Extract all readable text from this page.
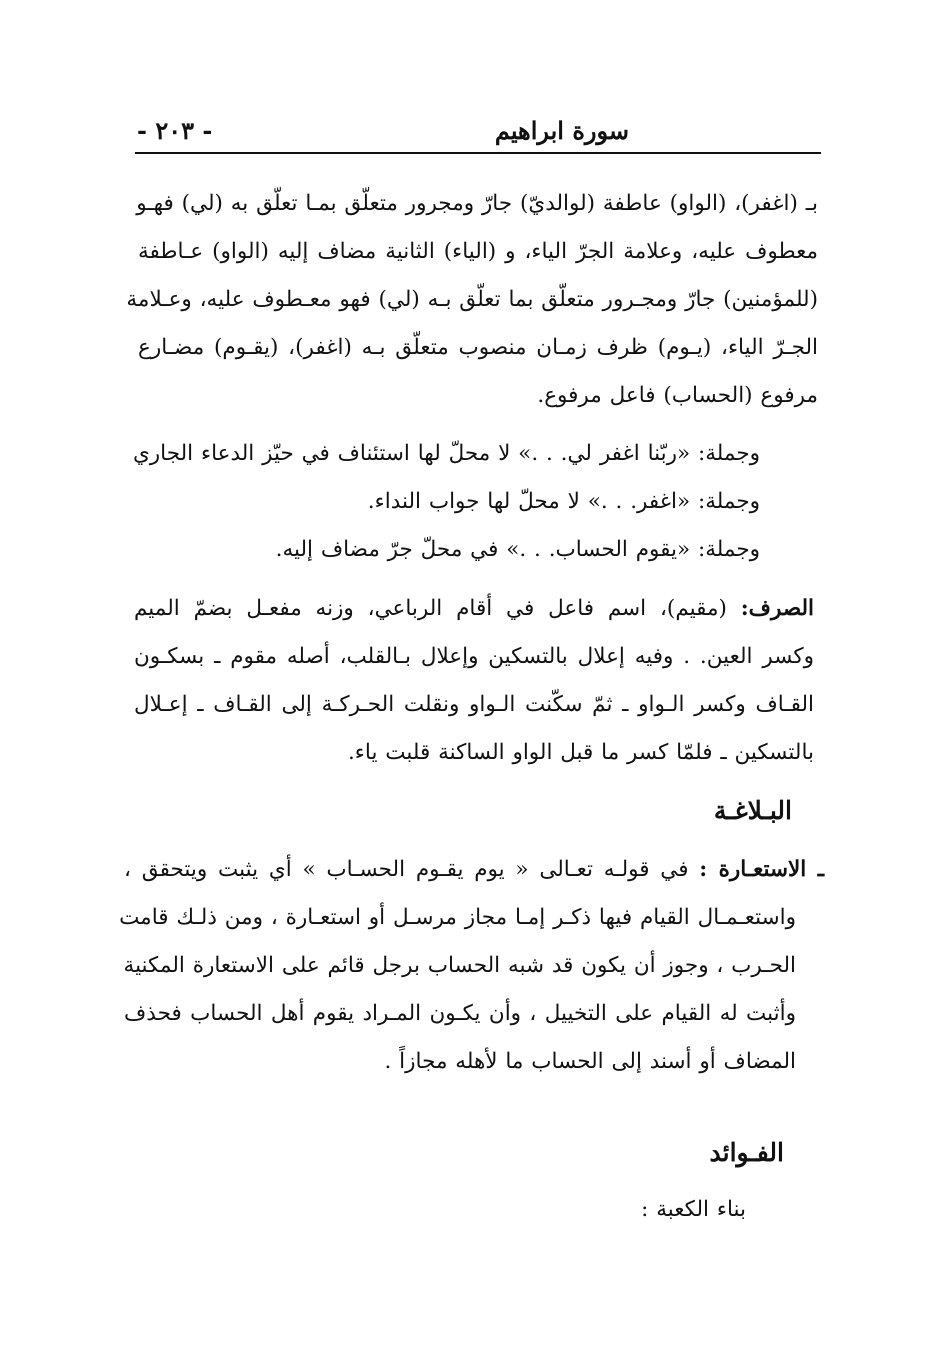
سورة ابراهيم
- ٢٠٣ -
بـ (اغفر)، (الواو) عاطفة (لوالديّ) جارّ ومجرور متعلّق بمـا تعلّق به (لي) فهـو
معطوف عليه، وعلامة الجرّ الياء، و (الياء) الثانية مضاف إليه (الواو) عـاطفة
(للمؤمنين) جارّ ومجـرور متعلّق بما تعلّق بـه (لي) فهو معـطوف عليه، وعـلامة
الجـرّ الياء، (يـوم) ظرف زمـان منصوب متعلّق بـه (اغفر)، (يقـوم) مضـارع
مرفوع (الحساب) فاعل مرفوع.
وجملة: «ربّنا اغفر لي. . .» لا محلّ لها استئناف في حيّز الدعاء الجاري
وجملة: «اغفر. . .» لا محلّ لها جواب النداء.
وجملة: «يقوم الحساب. . .» في محلّ جرّ مضاف إليه.
الصرف: (مقيم)، اسم فاعل في أقام الرباعي، وزنه مفعـل بضمّ الميم
وكسر العين. . وفيه إعلال بالتسكين وإعلال بـالقلب، أصله مقوم ـ بسكـون
القـاف وكسر الـواو ـ ثمّ سكّنت الـواو ونقلت الحـركـة إلى القـاف ـ إعـلال
بالتسكين ـ فلمّا كسر ما قبل الواو الساكنة قلبت ياء.
البـلاغـة
ـ الاستعـارة : في قولـه تعـالى « يوم يقـوم الحسـاب » أي يثبت ويتحقق ،
واستعـمـال القيام فيها ذكـر إمـا مجاز مرسـل أو استعـارة ، ومن ذلـك قامت
الحـرب ، وجوز أن يكون قد شبه الحساب برجل قائم على الاستعارة المكنية
وأثبت له القيام على التخييل ، وأن يكـون المـراد يقوم أهل الحساب فحذف
المضاف أو أسند إلى الحساب ما لأهله مجازاً .
الفـوائد
بناء الكعبة :
